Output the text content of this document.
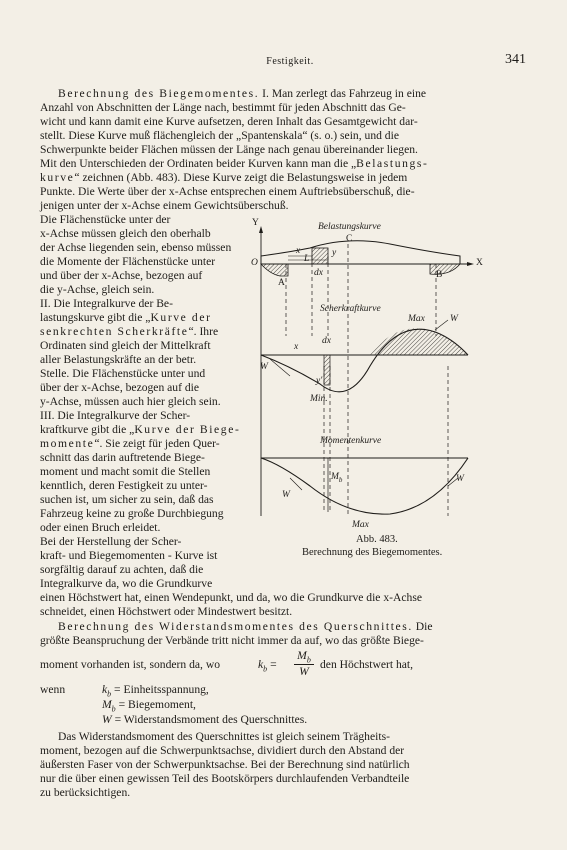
Festigkeit.	341

Berechnung des Biegemomentes. I. Man zerlegt das Fahrzeug in eine

Anzahl von Abschnitten der Länge nach, bestimmt für jeden Abschnitt das Ge-

wicht und kann damit eine Kurve aufsetzen, deren Inhalt das Gesamtgewicht dar-

stellt. Diese Kurve muß flächengleich der „Spantenskala“ (s. o.) sein, und die

Schwerpunkte beider Flächen müssen der Länge nach genau übereinander liegen.

Mit den Unterschieden der Ordinaten beider Kurven kann man die „Belastungs-

kurve“ zeichnen (Abb. 483). Diese Kurve zeigt die Belastungsweise in jedem

Punkte. Die Werte über der x-Achse entsprechen einem Auftriebsüberschuß, die-

jenigen unter der x-Achse einem Gewichtsüberschuß.

Die Flächenstücke unter der

x-Achse müssen gleich den oberhalb

der Achse liegenden sein, ebenso müssen

die Momente der Flächenstücke unter

und über der x-Achse, bezogen auf

die y-Achse, gleich sein.

II. Die Integralkurve der Be-

lastungskurve gibt die „Kurve der

senkrechten Scherkräfte“. Ihre

Ordinaten sind gleich der Mittelkraft

aller Belastungskräfte an der betr.

Stelle. Die Flächenstücke unter und

über der x-Achse, bezogen auf die

y-Achse, müssen auch hier gleich sein.

III. Die Integralkurve der Scher-

kraftkurve gibt die „Kurve der Biege-

momente“. Sie zeigt für jeden Quer-

schnitt das darin auftretende Biege-

moment und macht somit die Stellen

kenntlich, deren Festigkeit zu unter-

suchen ist, um sicher zu sein, daß das

Fahrzeug keine zu große Durchbiegung

oder einen Bruch erleidet.

Bei der Herstellung der Scher-

kraft- und Biegemomenten - Kurve ist

sorgfältig darauf zu achten, daß die

Integralkurve da, wo die Grundkurve

einen Höchstwert hat, einen Wendepunkt, und da, wo die Grundkurve die x-Achse

schneidet, einen Höchstwert oder Mindestwert besitzt.

Berechnung des Widerstandsmomentes des Querschnittes. Die

größte Beanspruchung der Verbände tritt nicht immer da auf, wo das größte Biege-

moment vorhanden ist, sondern da, wo	$k_b$ =
$M_b$
W
den Höchstwert hat,
wenn	$k_b$ = Einheitsspannung,
$M_b$ = Biegemoment,
W = Widerstandsmoment des Querschnittes.

Das Widerstandsmoment des Querschnittes ist gleich seinem Trägheits-

moment, bezogen auf die Schwerpunktsachse, dividiert durch den Abstand der

äußersten Faser von der Schwerpunktsachse. Bei der Berechnung sind natürlich

nur die über einen gewissen Teil des Bootskörpers durchlaufenden Verbandteile

zu berücksichtigen.

Y	Belastungskurve
C
x
L
y
X
O
A
dx	B
Scherkraftkurve
Max
x
dx
W
y'
Min.
W
Momentenkurve
$M_b$
W
W
Max
Abb. 483.
Berechnung des Biegemomentes.
